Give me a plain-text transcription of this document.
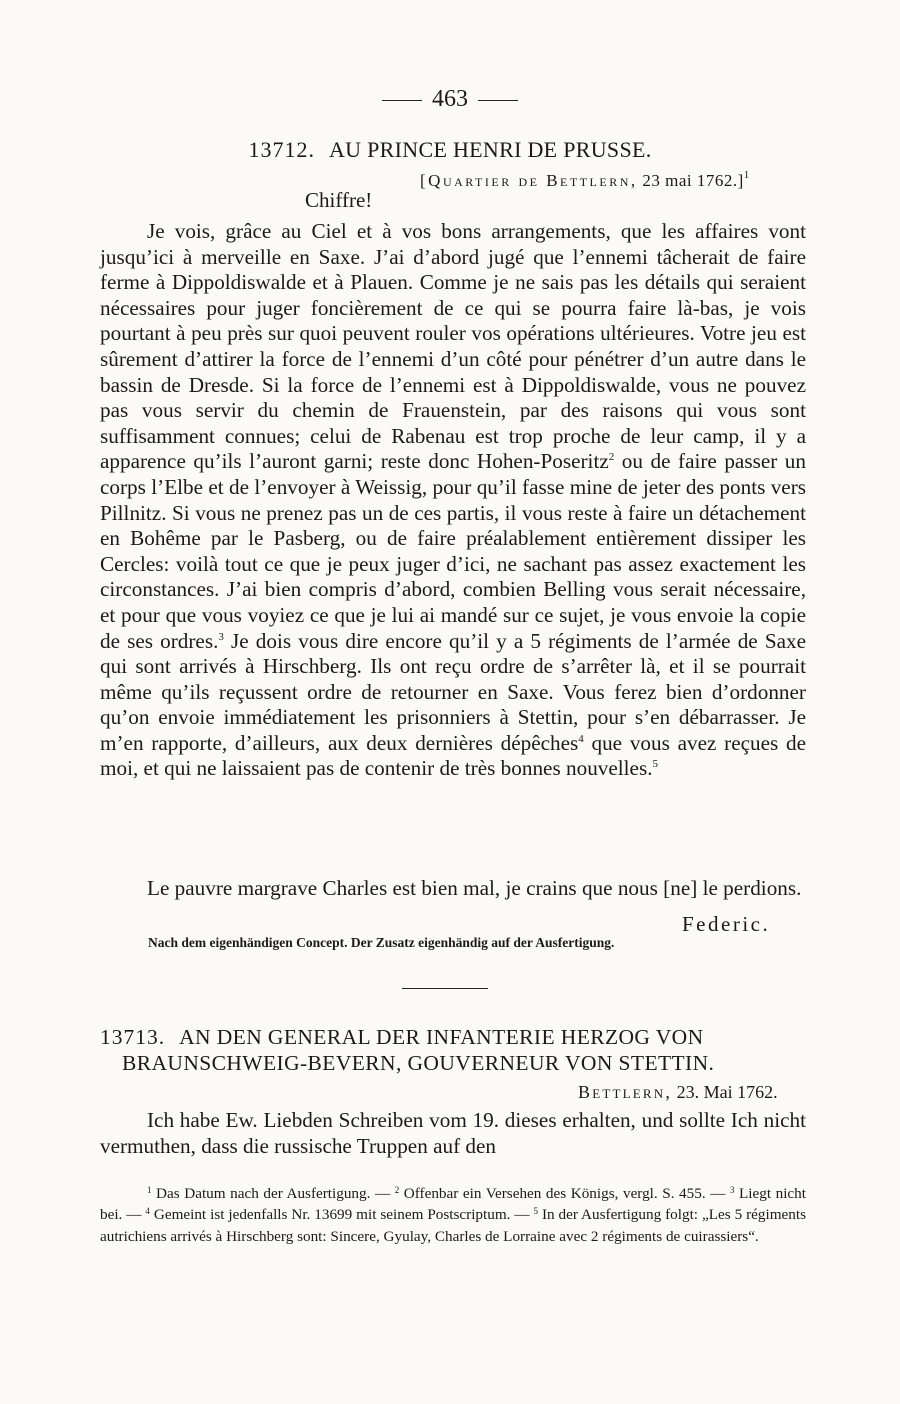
463
13712. AU PRINCE HENRI DE PRUSSE.
[Quartier de Bettlern, 23 mai 1762.]$^1$
Chiffre!

Je vois, grâce au Ciel et à vos bons arrangements, que les affaires vont jusqu’ici à merveille en Saxe. J’ai d’abord jugé que l’ennemi tâcherait de faire ferme à Dippoldiswalde et à Plauen. Comme je ne sais pas les détails qui seraient nécessaires pour juger foncièrement de ce qui se pourra faire là-bas, je vois pourtant à peu près sur quoi peuvent rouler vos opérations ultérieures. Votre jeu est sûrement d’attirer la force de l’ennemi d’un côté pour pénétrer d’un autre dans le bassin de Dresde. Si la force de l’ennemi est à Dippoldiswalde, vous ne pouvez pas vous servir du chemin de Frauenstein, par des raisons qui vous sont suffisamment connues; celui de Rabenau est trop proche de leur camp, il y a apparence qu’ils l’auront garni; reste donc Hohen-Poseritz$^2$ ou de faire passer un corps l’Elbe et de l’envoyer à Weissig, pour qu’il fasse mine de jeter des ponts vers Pillnitz. Si vous ne prenez pas un de ces partis, il vous reste à faire un détachement en Bohême par le Pasberg, ou de faire préalablement entièrement dissiper les Cercles: voilà tout ce que je peux juger d’ici, ne sachant pas assez exactement les circonstances. J’ai bien compris d’abord, combien Belling vous serait nécessaire, et pour que vous voyiez ce que je lui ai mandé sur ce sujet, je vous envoie la copie de ses ordres.$^3$ Je dois vous dire encore qu’il y a 5 régiments de l’armée de Saxe qui sont arrivés à Hirschberg. Ils ont reçu ordre de s’arrêter là, et il se pourrait même qu’ils reçussent ordre de retourner en Saxe. Vous ferez bien d’ordonner qu’on envoie immédiatement les prisonniers à Stettin, pour s’en débarrasser. Je m’en rapporte, d’ailleurs, aux deux dernières dépêches$^4$ que vous avez reçues de moi, et qui ne laissaient pas de contenir de très bonnes nouvelles.$^5$

Le pauvre margrave Charles est bien mal, je crains que nous [ne] le perdions.

Federic.
Nach dem eigenhändigen Concept. Der Zusatz eigenhändig auf der Ausfertigung.
13713. AN DEN GENERAL DER INFANTERIE HERZOG VON
BRAUNSCHWEIG-BEVERN, GOUVERNEUR VON STETTIN.
Bettlern, 23. Mai 1762.

Ich habe Ew. Liebden Schreiben vom 19. dieses erhalten, und sollte Ich nicht vermuthen, dass die russische Truppen auf den

$^1$ Das Datum nach der Ausfertigung. — $^2$ Offenbar ein Versehen des Königs, vergl. S. 455. — $^3$ Liegt nicht bei. — $^4$ Gemeint ist jedenfalls Nr. 13699 mit seinem Postscriptum. — $^5$ In der Ausfertigung folgt: „Les 5 régiments autrichiens arrivés à Hirschberg sont: Sincere, Gyulay, Charles de Lorraine avec 2 régiments de cuirassiers“.
